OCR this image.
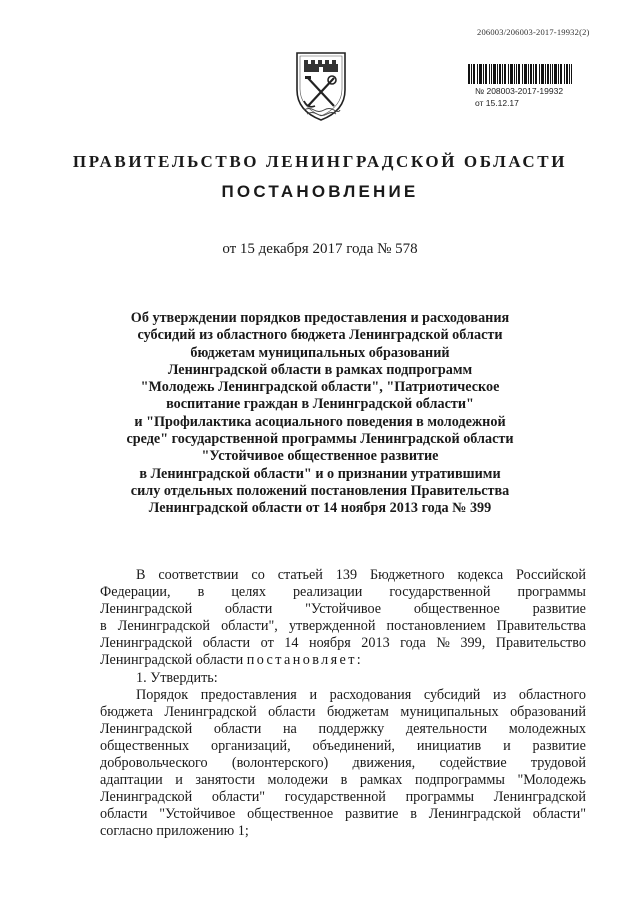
206003/206003-2017-19932(2)
№ 208003-2017-19932
от 15.12.17
ПРАВИТЕЛЬСТВО ЛЕНИНГРАДСКОЙ ОБЛАСТИ
ПОСТАНОВЛЕНИЕ
от 15 декабря 2017 года № 578
Об утверждении порядков предоставления и расходования
субсидий из областного бюджета Ленинградской области
бюджетам муниципальных образований
Ленинградской области в рамках подпрограмм
"Молодежь Ленинградской области", "Патриотическое
воспитание граждан в Ленинградской области"
и "Профилактика асоциального поведения в молодежной
среде" государственной программы Ленинградской области
"Устойчивое общественное развитие
в Ленинградской области" и о признании утратившими
силу отдельных положений постановления Правительства
Ленинградской области от 14 ноября 2013 года № 399
В соответствии со статьей 139 Бюджетного кодекса Российской
Федерации, в целях реализации государственной программы
Ленинградской области "Устойчивое общественное развитие
в Ленинградской области", утвержденной постановлением Правительства
Ленинградской области от 14 ноября 2013 года № 399, Правительство
Ленинградской области
постановляет:
1. Утвердить:
Порядок предоставления и расходования субсидий из областного
бюджета Ленинградской области бюджетам муниципальных образований
Ленинградской области на поддержку деятельности молодежных
общественных организаций, объединений, инициатив и развитие
добровольческого (волонтерского) движения, содействие трудовой
адаптации и занятости молодежи в рамках подпрограммы "Молодежь
Ленинградской области" государственной программы Ленинградской
области "Устойчивое общественное развитие в Ленинградской области"
согласно приложению 1;
